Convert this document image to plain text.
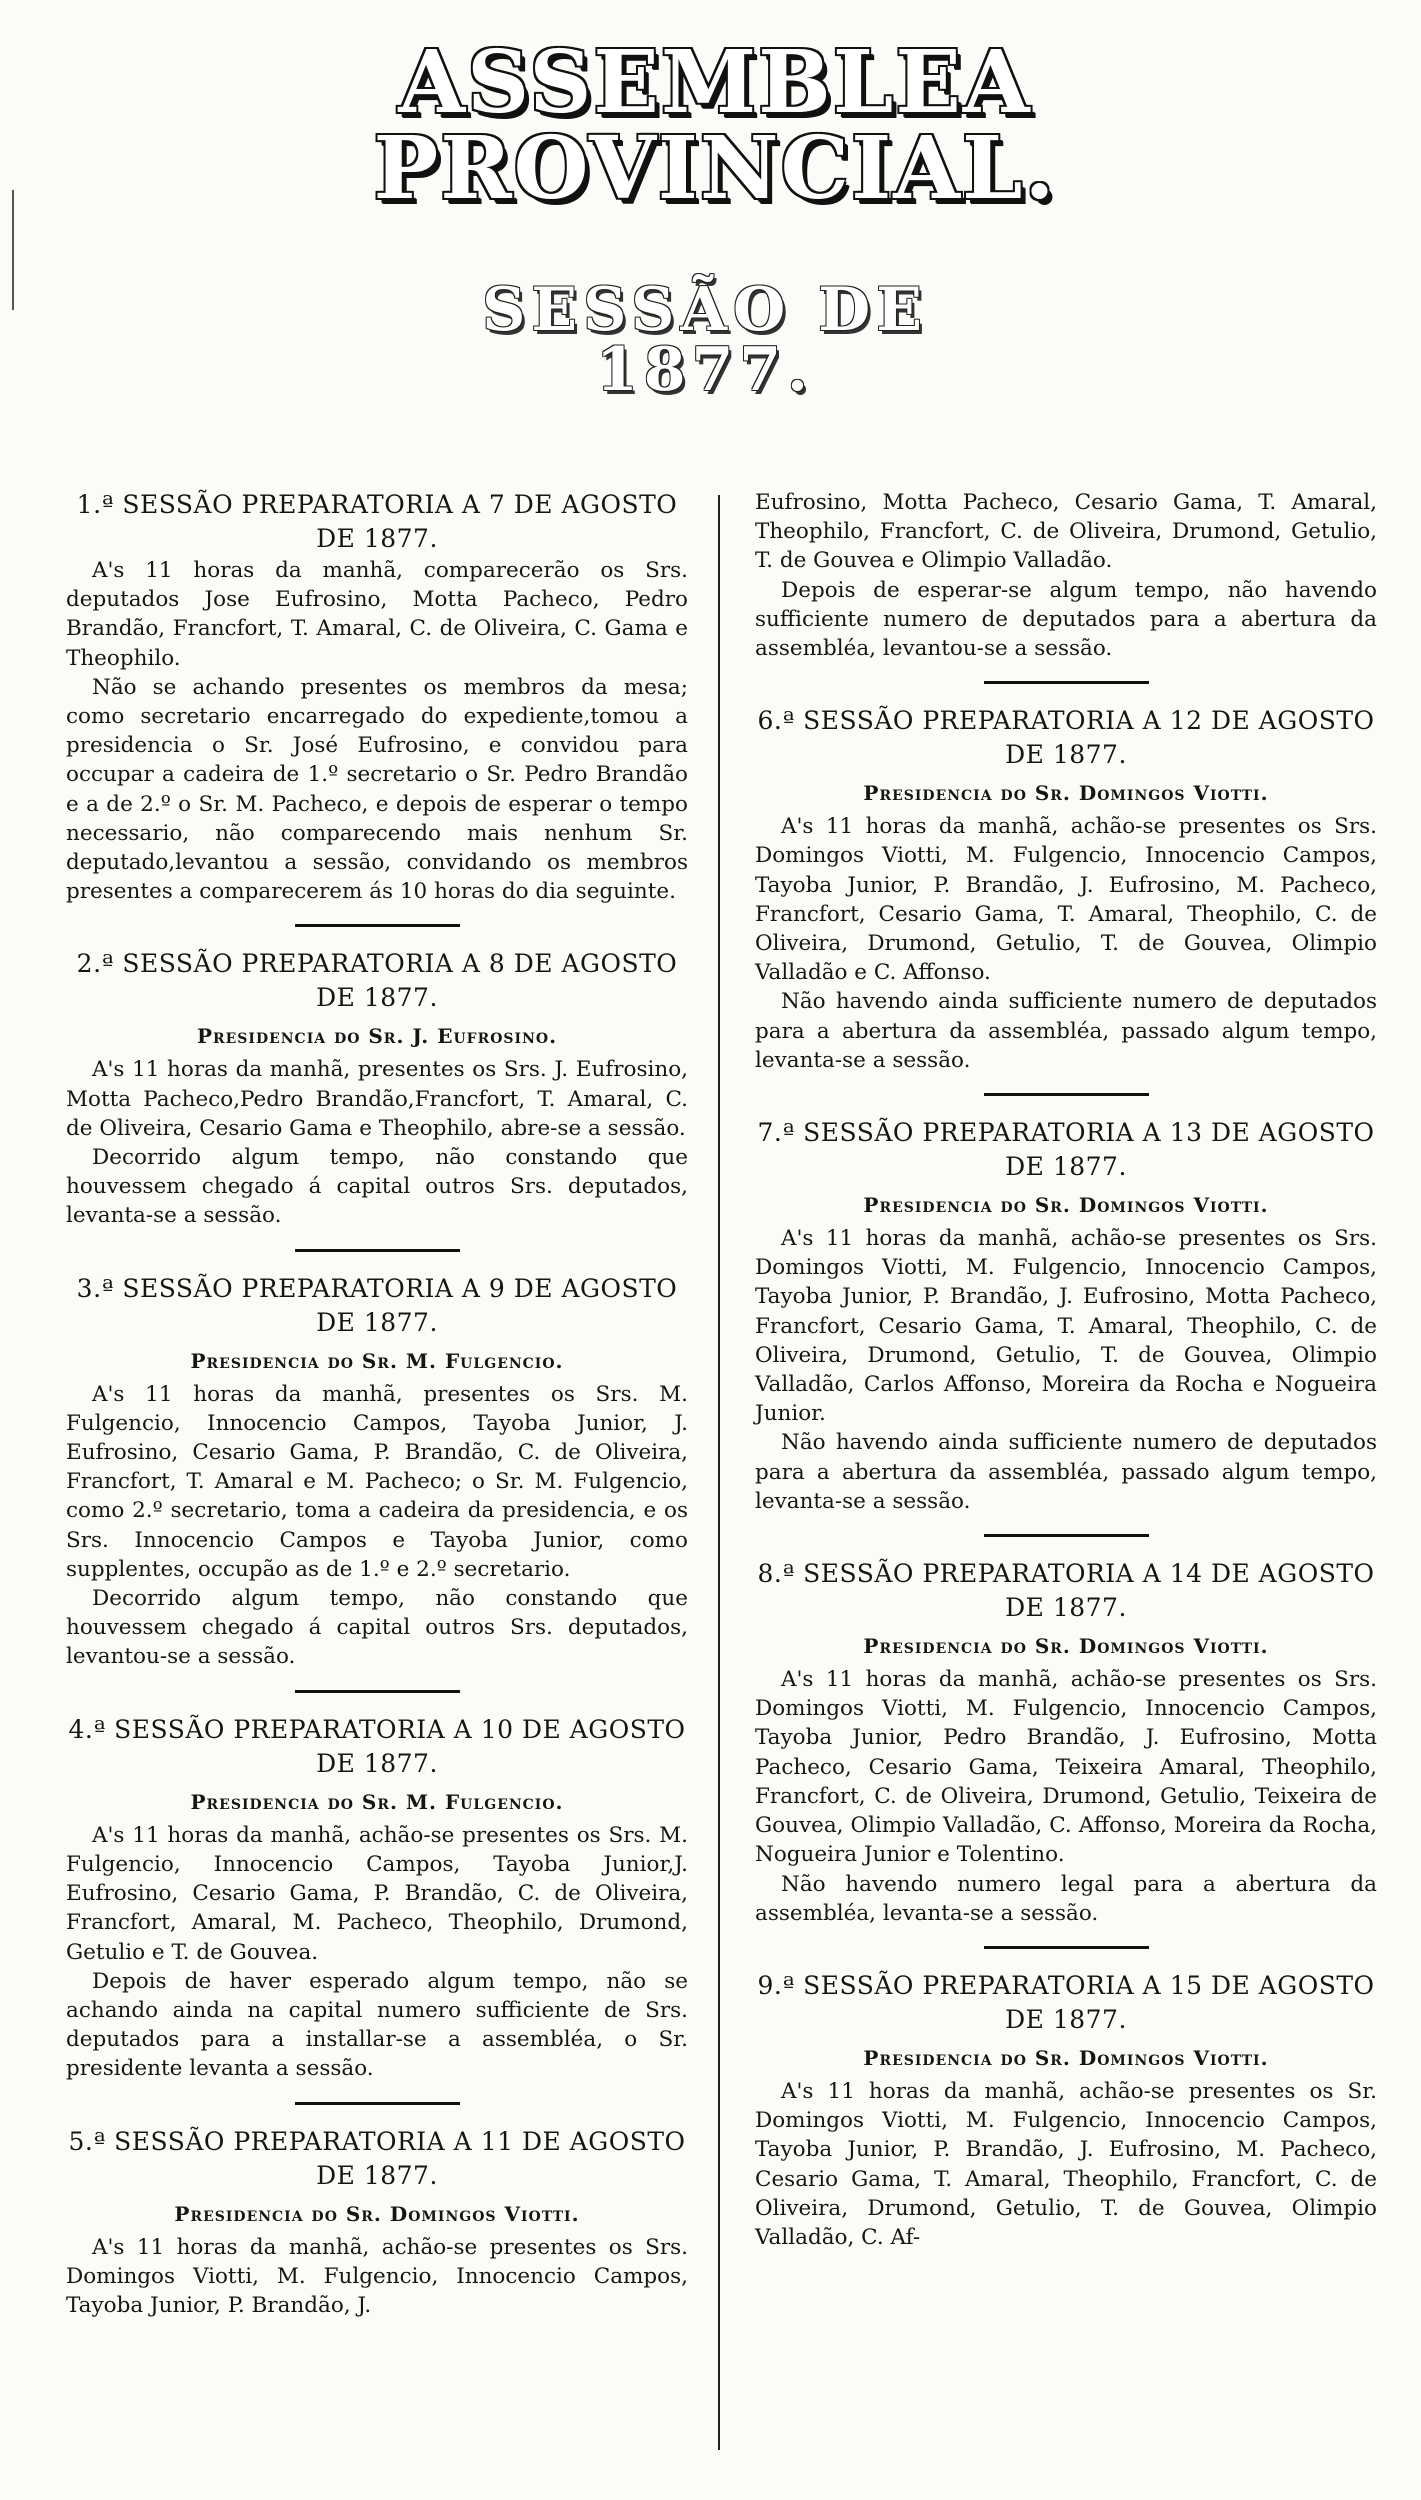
ASSEMBLEA PROVINCIAL.
SESSÃO DE 1877.
1.ª SESSÃO PREPARATORIA A 7 DE AGOSTO DE 1877.

A's 11 horas da manhã, comparecerão os Srs. deputados Jose Eufrosino, Motta Pacheco, Pedro Brandão, Francfort, T. Amaral, C. de Oliveira, C. Gama e Theophilo.

Não se achando presentes os membros da mesa; como secretario encarregado do expediente,tomou a presidencia o Sr. José Eufrosino, e convidou para occupar a cadeira de 1.º secretario o Sr. Pedro Brandão e a de 2.º o Sr. M. Pacheco, e depois de esperar o tempo necessario, não comparecendo mais nenhum Sr. deputado,levantou a sessão, convidando os membros presentes a comparecerem ás 10 horas do dia seguinte.

2.ª SESSÃO PREPARATORIA A 8 DE AGOSTO DE 1877.
Presidencia do Sr. J. Eufrosino.

A's 11 horas da manhã, presentes os Srs. J. Eufrosino, Motta Pacheco,Pedro Brandão,Francfort, T. Amaral, C. de Oliveira, Cesario Gama e Theophilo, abre-se a sessão.

Decorrido algum tempo, não constando que houvessem chegado á capital outros Srs. deputados, levanta-se a sessão.

3.ª SESSÃO PREPARATORIA A 9 DE AGOSTO DE 1877.
Presidencia do Sr. M. Fulgencio.

A's 11 horas da manhã, presentes os Srs. M. Fulgencio, Innocencio Campos, Tayoba Junior, J. Eufrosino, Cesario Gama, P. Brandão, C. de Oliveira, Francfort, T. Amaral e M. Pacheco; o Sr. M. Fulgencio, como 2.º secretario, toma a cadeira da presidencia, e os Srs. Innocencio Campos e Tayoba Junior, como supplentes, occupão as de 1.º e 2.º secretario.

Decorrido algum tempo, não constando que houvessem chegado á capital outros Srs. deputados, levantou-se a sessão.

4.ª SESSÃO PREPARATORIA A 10 DE AGOSTO DE 1877.
Presidencia do Sr. M. Fulgencio.

A's 11 horas da manhã, achão-se presentes os Srs. M. Fulgencio, Innocencio Campos, Tayoba Junior,J. Eufrosino, Cesario Gama, P. Brandão, C. de Oliveira, Francfort, Amaral, M. Pacheco, Theophilo, Drumond, Getulio e T. de Gouvea.

Depois de haver esperado algum tempo, não se achando ainda na capital numero sufficiente de Srs. deputados para a installar-se a assembléa, o Sr. presidente levanta a sessão.

5.ª SESSÃO PREPARATORIA A 11 DE AGOSTO DE 1877.
Presidencia do Sr. Domingos Viotti.

A's 11 horas da manhã, achão-se presentes os Srs. Domingos Viotti, M. Fulgencio, Innocencio Campos, Tayoba Junior, P. Brandão, J.

Eufrosino, Motta Pacheco, Cesario Gama, T. Amaral, Theophilo, Francfort, C. de Oliveira, Drumond, Getulio, T. de Gouvea e Olimpio Valladão.

Depois de esperar-se algum tempo, não havendo sufficiente numero de deputados para a abertura da assembléa, levantou-se a sessão.

6.ª SESSÃO PREPARATORIA A 12 DE AGOSTO DE 1877.
Presidencia do Sr. Domingos Viotti.

A's 11 horas da manhã, achão-se presentes os Srs. Domingos Viotti, M. Fulgencio, Innocencio Campos, Tayoba Junior, P. Brandão, J. Eufrosino, M. Pacheco, Francfort, Cesario Gama, T. Amaral, Theophilo, C. de Oliveira, Drumond, Getulio, T. de Gouvea, Olimpio Valladão e C. Affonso.

Não havendo ainda sufficiente numero de deputados para a abertura da assembléa, passado algum tempo, levanta-se a sessão.

7.ª SESSÃO PREPARATORIA A 13 DE AGOSTO DE 1877.
Presidencia do Sr. Domingos Viotti.

A's 11 horas da manhã, achão-se presentes os Srs. Domingos Viotti, M. Fulgencio, Innocencio Campos, Tayoba Junior, P. Brandão, J. Eufrosino, Motta Pacheco, Francfort, Cesario Gama, T. Amaral, Theophilo, C. de Oliveira, Drumond, Getulio, T. de Gouvea, Olimpio Valladão, Carlos Affonso, Moreira da Rocha e Nogueira Junior.

Não havendo ainda sufficiente numero de deputados para a abertura da assembléa, passado algum tempo, levanta-se a sessão.

8.ª SESSÃO PREPARATORIA A 14 DE AGOSTO DE 1877.
Presidencia do Sr. Domingos Viotti.

A's 11 horas da manhã, achão-se presentes os Srs. Domingos Viotti, M. Fulgencio, Innocencio Campos, Tayoba Junior, Pedro Brandão, J. Eufrosino, Motta Pacheco, Cesario Gama, Teixeira Amaral, Theophilo, Francfort, C. de Oliveira, Drumond, Getulio, Teixeira de Gouvea, Olimpio Valladão, C. Affonso, Moreira da Rocha, Nogueira Junior e Tolentino.

Não havendo numero legal para a abertura da assembléa, levanta-se a sessão.

9.ª SESSÃO PREPARATORIA A 15 DE AGOSTO DE 1877.
Presidencia do Sr. Domingos Viotti.

A's 11 horas da manhã, achão-se presentes os Sr. Domingos Viotti, M. Fulgencio, Innocencio Campos, Tayoba Junior, P. Brandão, J. Eufrosino, M. Pacheco, Cesario Gama, T. Amaral, Theophilo, Francfort, C. de Oliveira, Drumond, Getulio, T. de Gouvea, Olimpio Valladão, C. Af-
